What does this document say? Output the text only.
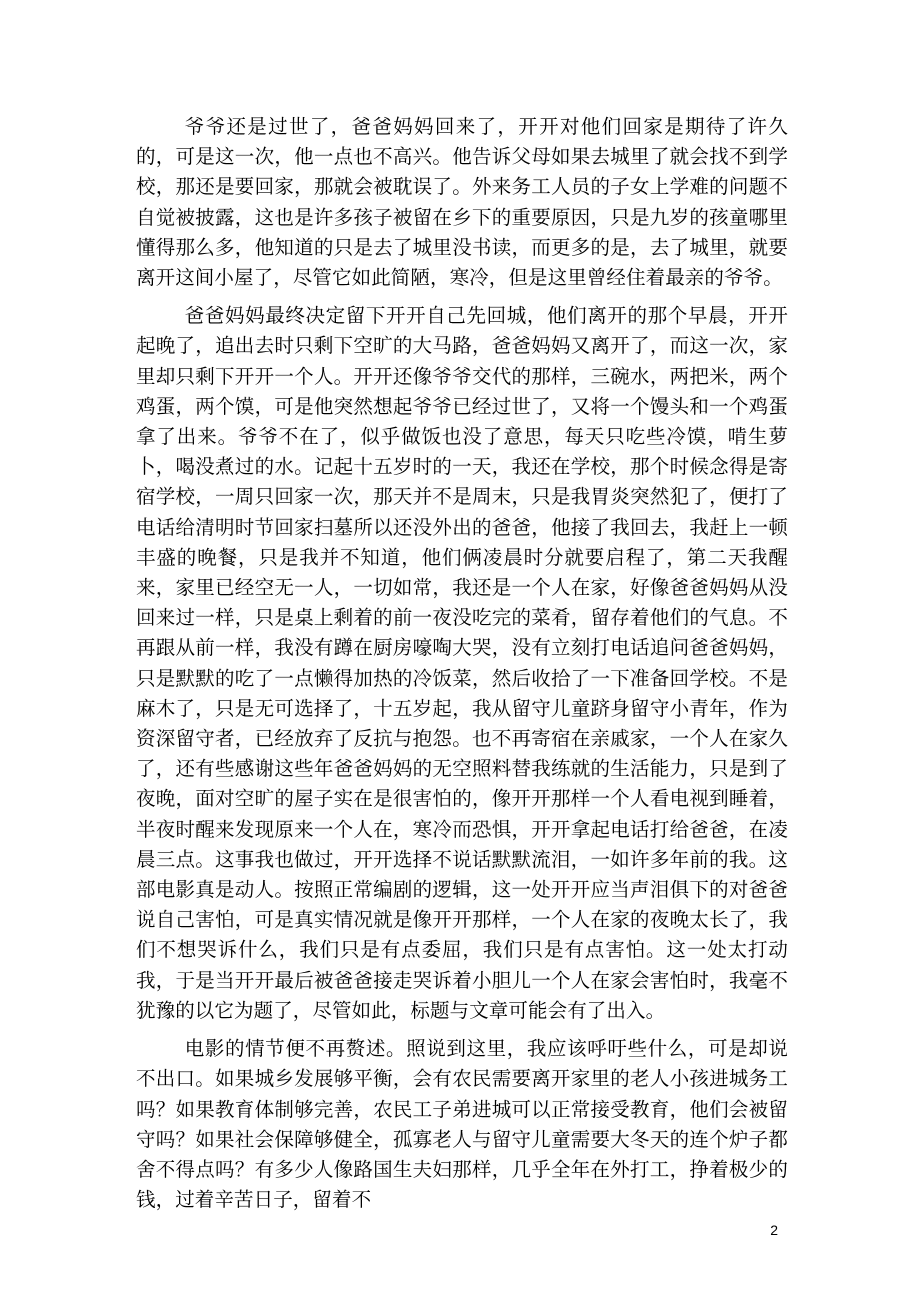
爷爷还是过世了，爸爸妈妈回来了，开开对他们回家是期待了许久的，可是这一次，他一点也不高兴。他告诉父母如果去城里了就会找不到学校，那还是要回家，那就会被耽误了。外来务工人员的子女上学难的问题不自觉被披露，这也是许多孩子被留在乡下的重要原因，只是九岁的孩童哪里懂得那么多，他知道的只是去了城里没书读，而更多的是，去了城里，就要离开这间小屋了，尽管它如此简陋，寒冷，但是这里曾经住着最亲的爷爷。

爸爸妈妈最终决定留下开开自己先回城，他们离开的那个早晨，开开起晚了，追出去时只剩下空旷的大马路，爸爸妈妈又离开了，而这一次，家里却只剩下开开一个人。开开还像爷爷交代的那样，三碗水，两把米，两个鸡蛋，两个馍，可是他突然想起爷爷已经过世了，又将一个馒头和一个鸡蛋拿了出来。爷爷不在了，似乎做饭也没了意思，每天只吃些冷馍，啃生萝卜，喝没煮过的水。记起十五岁时的一天，我还在学校，那个时候念得是寄宿学校，一周只回家一次，那天并不是周末，只是我胃炎突然犯了，便打了电话给清明时节回家扫墓所以还没外出的爸爸，他接了我回去，我赶上一顿丰盛的晚餐，只是我并不知道，他们俩凌晨时分就要启程了，第二天我醒来，家里已经空无一人，一切如常，我还是一个人在家，好像爸爸妈妈从没回来过一样，只是桌上剩着的前一夜没吃完的菜肴，留存着他们的气息。不再跟从前一样，我没有蹲在厨房嚎啕大哭，没有立刻打电话追问爸爸妈妈，只是默默的吃了一点懒得加热的冷饭菜，然后收拾了一下准备回学校。不是麻木了，只是无可选择了，十五岁起，我从留守儿童跻身留守小青年，作为资深留守者，已经放弃了反抗与抱怨。也不再寄宿在亲戚家，一个人在家久了，还有些感谢这些年爸爸妈妈的无空照料替我练就的生活能力，只是到了夜晚，面对空旷的屋子实在是很害怕的，像开开那样一个人看电视到睡着，半夜时醒来发现原来一个人在，寒冷而恐惧，开开拿起电话打给爸爸，在凌晨三点。这事我也做过，开开选择不说话默默流泪，一如许多年前的我。这部电影真是动人。按照正常编剧的逻辑，这一处开开应当声泪俱下的对爸爸说自己害怕，可是真实情况就是像开开那样，一个人在家的夜晚太长了，我们不想哭诉什么，我们只是有点委屈，我们只是有点害怕。这一处太打动我，于是当开开最后被爸爸接走哭诉着小胆儿一个人在家会害怕时，我毫不犹豫的以它为题了，尽管如此，标题与文章可能会有了出入。

电影的情节便不再赘述。照说到这里，我应该呼吁些什么，可是却说不出口。如果城乡发展够平衡，会有农民需要离开家里的老人小孩进城务工吗？如果教育体制够完善，农民工子弟进城可以正常接受教育，他们会被留守吗？如果社会保障够健全，孤寡老人与留守儿童需要大冬天的连个炉子都舍不得点吗？有多少人像路国生夫妇那样，几乎全年在外打工，挣着极少的钱，过着辛苦日子，留着不

2
